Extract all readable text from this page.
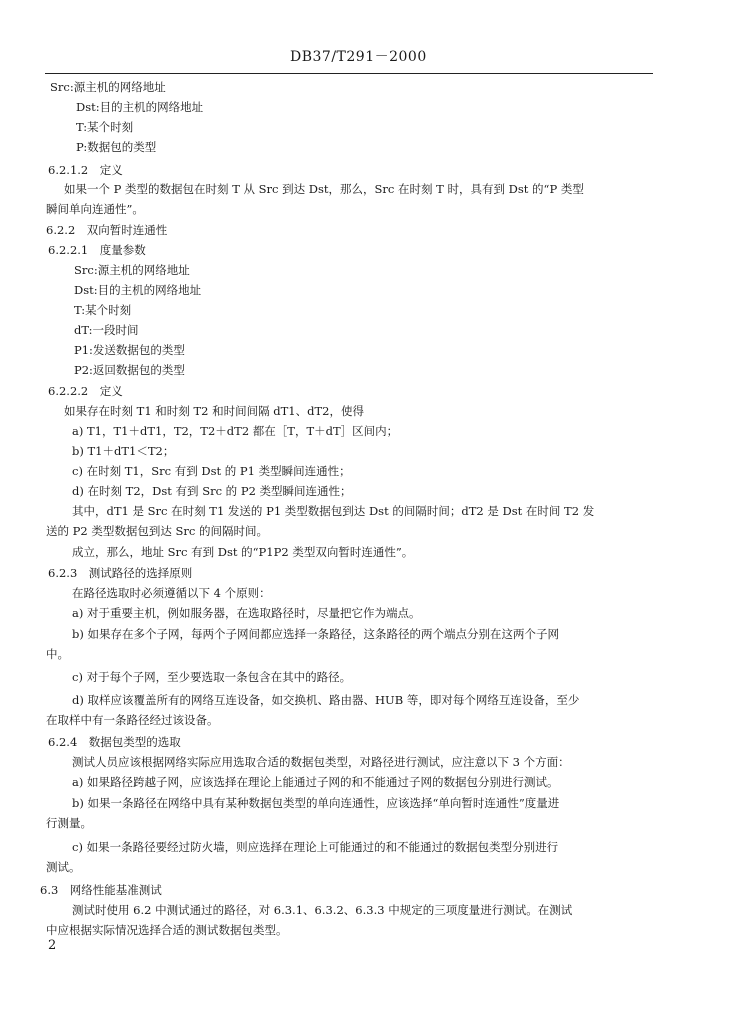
DB37/T291－2000
Src:源主机的网络地址
Dst:目的主机的网络地址
T:某个时刻
P:数据包的类型
6.2.1.2　定义
如果一个 P 类型的数据包在时刻 T 从 Src 到达 Dst，那么，Src 在时刻 T 时，具有到 Dst 的“P 类型
瞬间单向连通性”。
6.2.2　双向暂时连通性
6.2.2.1　度量参数
Src:源主机的网络地址
Dst:目的主机的网络地址
T:某个时刻
dT:一段时间
P1:发送数据包的类型
P2:返回数据包的类型
6.2.2.2　定义
如果存在时刻 T1 和时刻 T2 和时间间隔 dT1、dT2，使得
a) T1，T1＋dT1，T2，T2＋dT2 都在［T，T＋dT］区间内；
b) T1＋dT1＜T2；
c) 在时刻 T1，Src 有到 Dst 的 P1 类型瞬间连通性；
d) 在时刻 T2，Dst 有到 Src 的 P2 类型瞬间连通性；
其中，dT1 是 Src 在时刻 T1 发送的 P1 类型数据包到达 Dst 的间隔时间；dT2 是 Dst 在时间 T2 发
送的 P2 类型数据包到达 Src 的间隔时间。
成立，那么，地址 Src 有到 Dst 的“P1P2 类型双向暂时连通性”。
6.2.3　测试路径的选择原则
在路径选取时必须遵循以下 4 个原则：
a) 对于重要主机，例如服务器，在选取路径时，尽量把它作为端点。
b) 如果存在多个子网，每两个子网间都应选择一条路径，这条路径的两个端点分别在这两个子网
中。
c) 对于每个子网，至少要选取一条包含在其中的路径。
d) 取样应该覆盖所有的网络互连设备，如交换机、路由器、HUB 等，即对每个网络互连设备，至少
在取样中有一条路径经过该设备。
6.2.4　数据包类型的选取
测试人员应该根据网络实际应用选取合适的数据包类型，对路径进行测试，应注意以下 3 个方面：
a) 如果路径跨越子网，应该选择在理论上能通过子网的和不能通过子网的数据包分别进行测试。
b) 如果一条路径在网络中具有某种数据包类型的单向连通性，应该选择“单向暂时连通性”度量进
行测量。
c) 如果一条路径要经过防火墙，则应选择在理论上可能通过的和不能通过的数据包类型分别进行
测试。
6.3　网络性能基准测试
测试时使用 6.2 中测试通过的路径，对 6.3.1、6.3.2、6.3.3 中规定的三项度量进行测试。在测试
中应根据实际情况选择合适的测试数据包类型。
2
